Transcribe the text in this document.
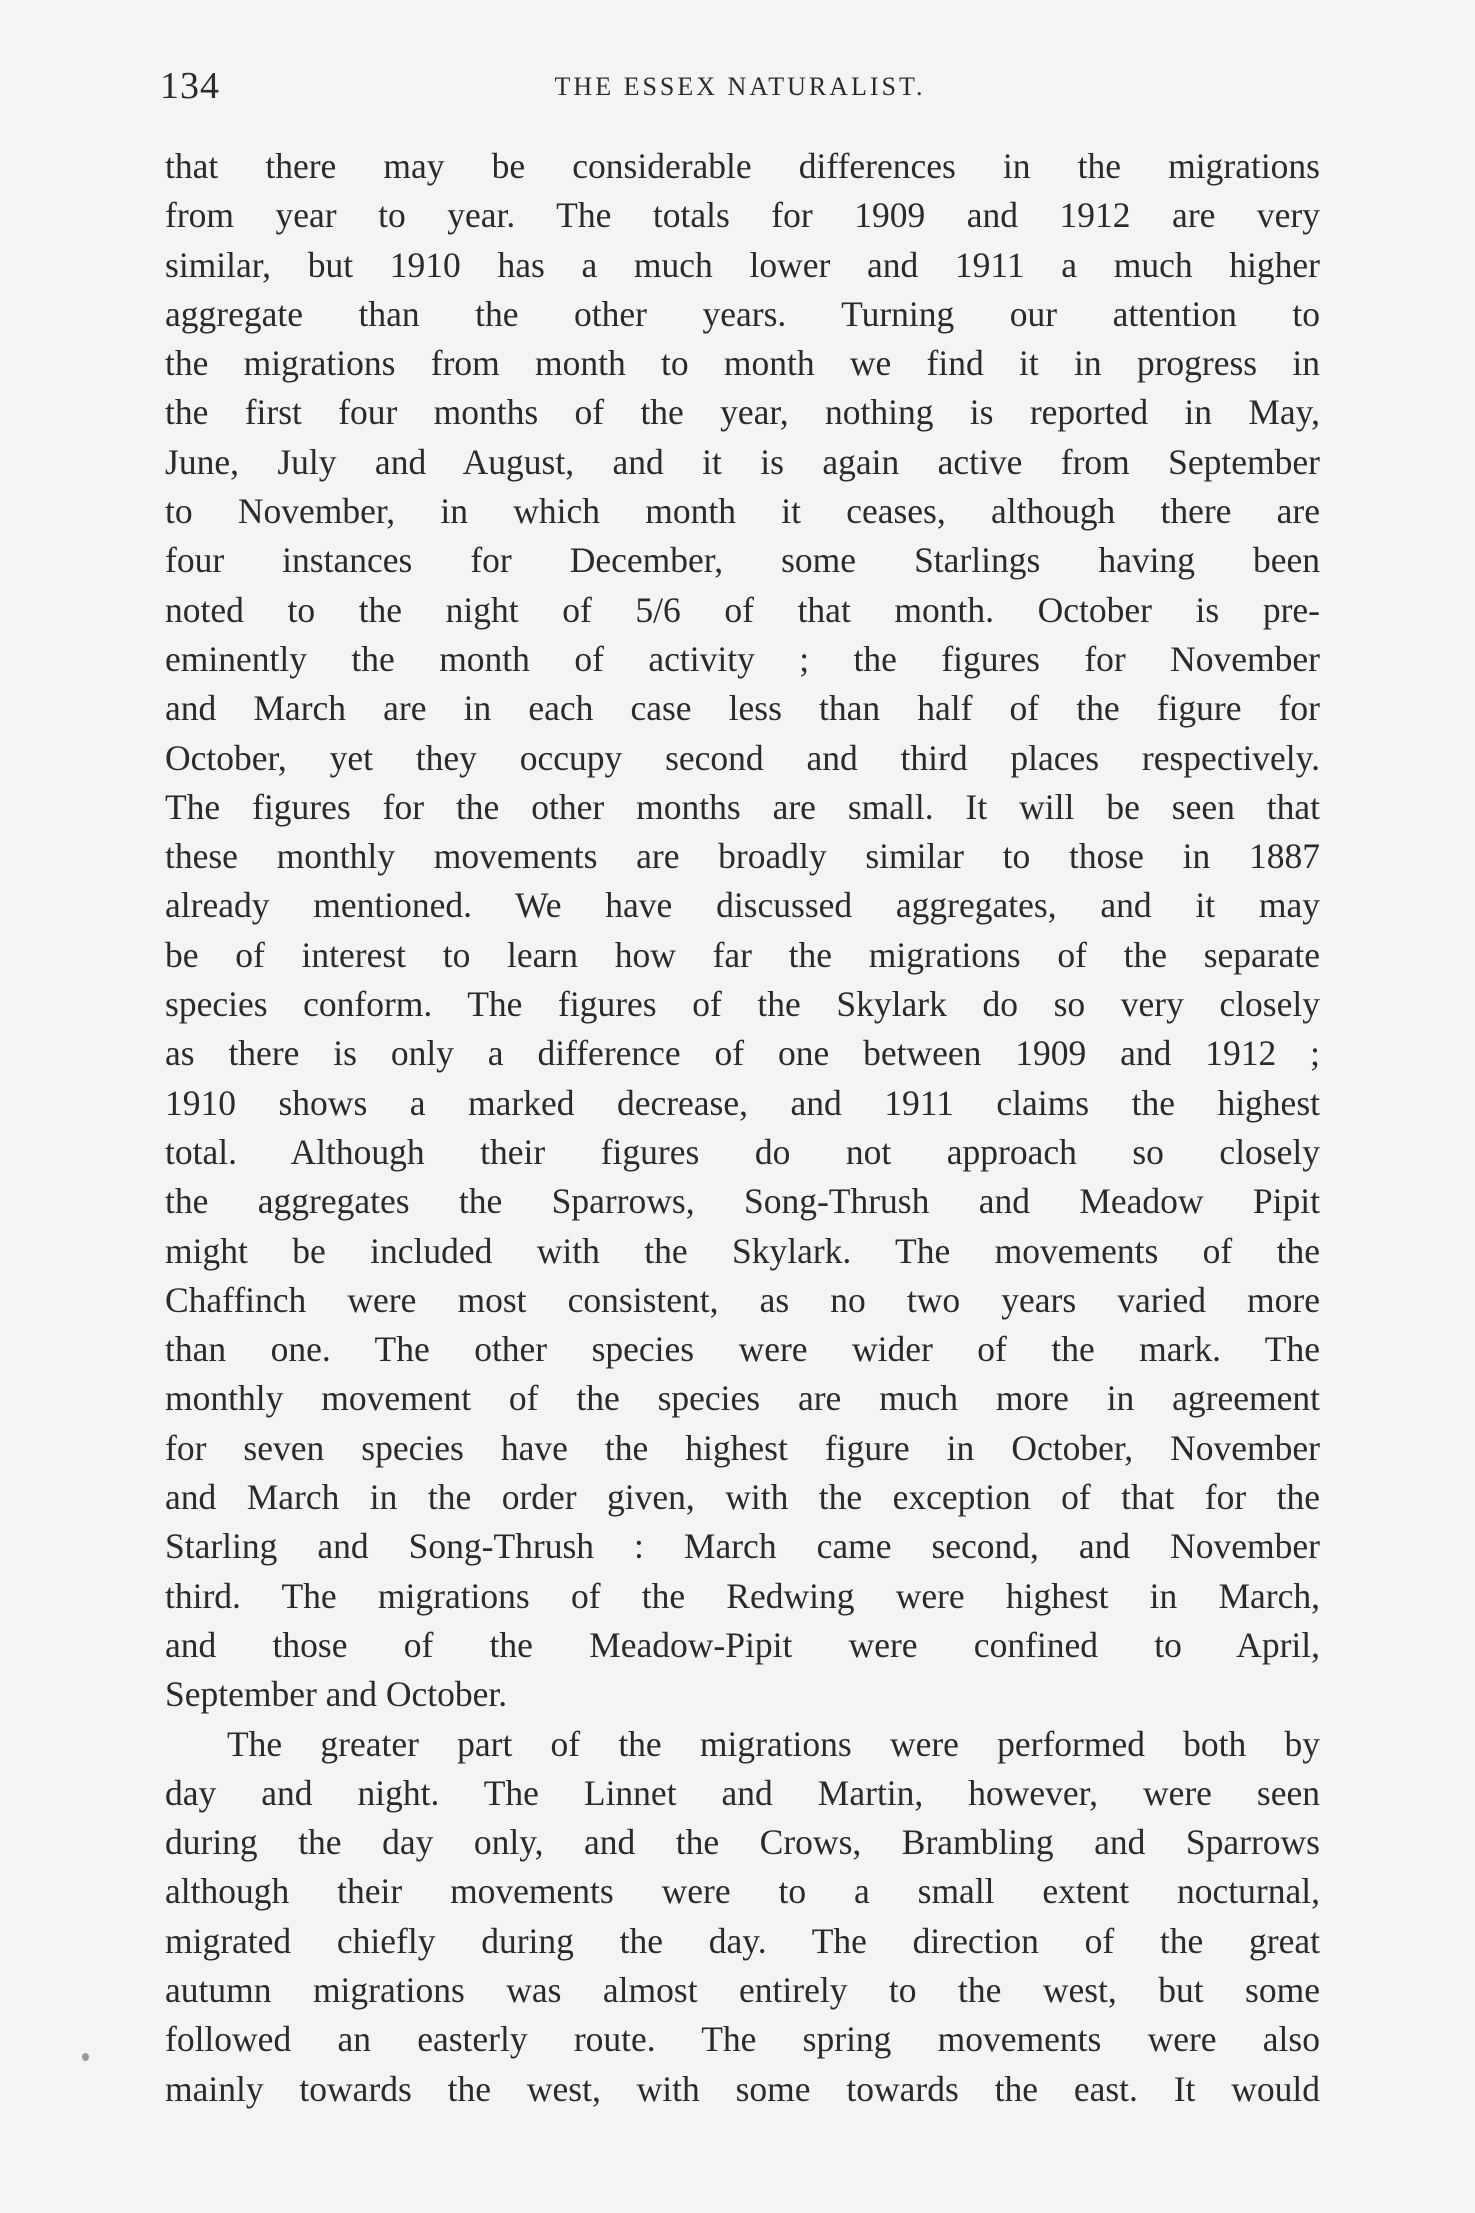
134	THE ESSEX NATURALIST.
that there may be considerable differences in the migrations
from year to year. The totals for 1909 and 1912 are very
similar, but 1910 has a much lower and 1911 a much higher
aggregate than the other years. Turning our attention to
the migrations from month to month we find it in progress in
the first four months of the year, nothing is reported in May,
June, July and August, and it is again active from September
to November, in which month it ceases, although there are
four instances for December, some Starlings having been
noted to the night of 5/6 of that month. October is pre-
eminently the month of activity ; the figures for November
and March are in each case less than half of the figure for
October, yet they occupy second and third places respectively.
The figures for the other months are small. It will be seen that
these monthly movements are broadly similar to those in 1887
already mentioned. We have discussed aggregates, and it may
be of interest to learn how far the migrations of the separate
species conform. The figures of the Skylark do so very closely
as there is only a difference of one between 1909 and 1912 ;
1910 shows a marked decrease, and 1911 claims the highest
total. Although their figures do not approach so closely
the aggregates the Sparrows, Song-Thrush and Meadow Pipit
might be included with the Skylark. The movements of the
Chaffinch were most consistent, as no two years varied more
than one. The other species were wider of the mark. The
monthly movement of the species are much more in agreement
for seven species have the highest figure in October, November
and March in the order given, with the exception of that for the
Starling and Song-Thrush : March came second, and November
third. The migrations of the Redwing were highest in March,
and those of the Meadow-Pipit were confined to April,
September and October.
The greater part of the migrations were performed both by
day and night. The Linnet and Martin, however, were seen
during the day only, and the Crows, Brambling and Sparrows
although their movements were to a small extent nocturnal,
migrated chiefly during the day. The direction of the great
autumn migrations was almost entirely to the west, but some
followed an easterly route. The spring movements were also
mainly towards the west, with some towards the east. It would
